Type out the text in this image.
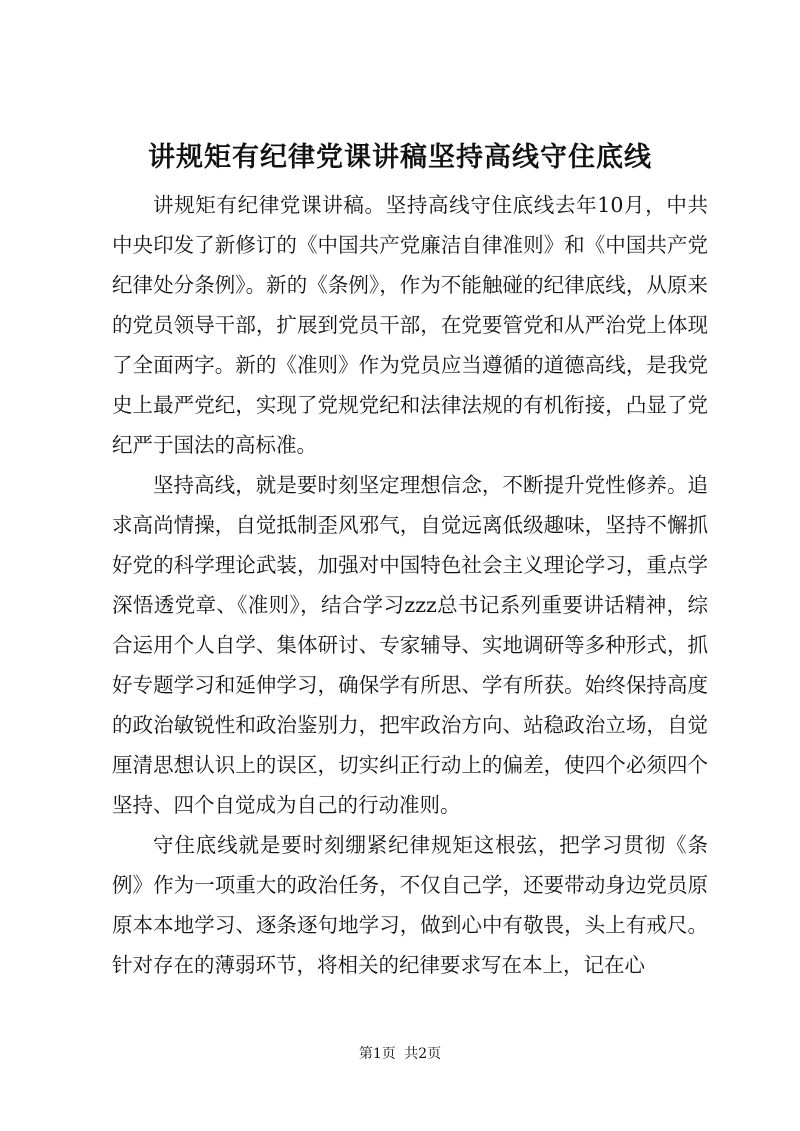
讲规矩有纪律党课讲稿坚持高线守住底线

讲规矩有纪律党课讲稿。坚持高线守住底线去年10月，中共中央印发了新修订的《中国共产党廉洁自律准则》和《中国共产党纪律处分条例》。新的《条例》，作为不能触碰的纪律底线，从原来的党员领导干部，扩展到党员干部，在党要管党和从严治党上体现了全面两字。新的《准则》作为党员应当遵循的道德高线，是我党史上最严党纪，实现了党规党纪和法律法规的有机衔接，凸显了党纪严于国法的高标准。

坚持高线，就是要时刻坚定理想信念，不断提升党性修养。追求高尚情操，自觉抵制歪风邪气，自觉远离低级趣味，坚持不懈抓好党的科学理论武装，加强对中国特色社会主义理论学习，重点学深悟透党章、《准则》，结合学习zzz总书记系列重要讲话精神，综合运用个人自学、集体研讨、专家辅导、实地调研等多种形式，抓好专题学习和延伸学习，确保学有所思、学有所获。始终保持高度的政治敏锐性和政治鉴别力，把牢政治方向、站稳政治立场，自觉厘清思想认识上的误区，切实纠正行动上的偏差，使四个必须四个坚持、四个自觉成为自己的行动准则。

守住底线就是要时刻绷紧纪律规矩这根弦，把学习贯彻《条例》作为一项重大的政治任务，不仅自己学，还要带动身边党员原原本本地学习、逐条逐句地学习，做到心中有敬畏，头上有戒尺。针对存在的薄弱环节，将相关的纪律要求写在本上，记在心

第1页 共2页
